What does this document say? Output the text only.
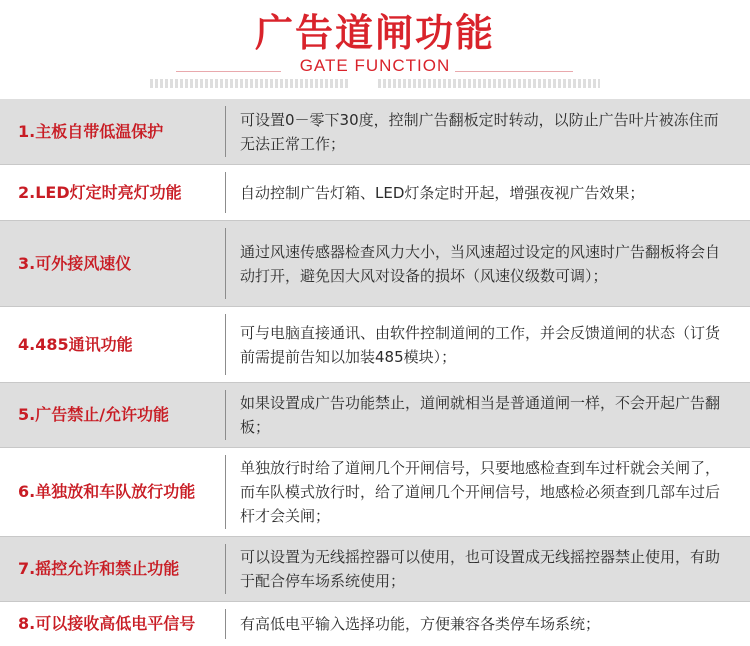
广告道闸功能
GATE FUNCTION
1.主板自带低温保护
可设置0－零下30度，控制广告翻板定时转动，以防止广告叶片被冻住而无法正常工作；
2.LED灯定时亮灯功能	自动控制广告灯箱、LED灯条定时开起，增强夜视广告效果；
3.可外接风速仪
通过风速传感器检查风力大小，当风速超过设定的风速时广告翻板将会自动打开，避免因大风对设备的损坏（风速仪级数可调）；
4.485通讯功能
可与电脑直接通讯、由软件控制道闸的工作，并会反馈道闸的状态（订货前需提前告知以加装485模块）；
5.广告禁止/允许功能
如果设置成广告功能禁止，道闸就相当是普通道闸一样，不会开起广告翻板；
6.单独放和车队放行功能
单独放行时给了道闸几个开闸信号，只要地感检查到车过杆就会关闸了，而车队模式放行时，给了道闸几个开闸信号，地感检必须查到几部车过后杆才会关闸；
7.摇控允许和禁止功能
可以设置为无线摇控器可以使用，也可设置成无线摇控器禁止使用，有助于配合停车场系统使用；
8.可以接收高低电平信号	有高低电平输入选择功能，方便兼容各类停车场系统；
